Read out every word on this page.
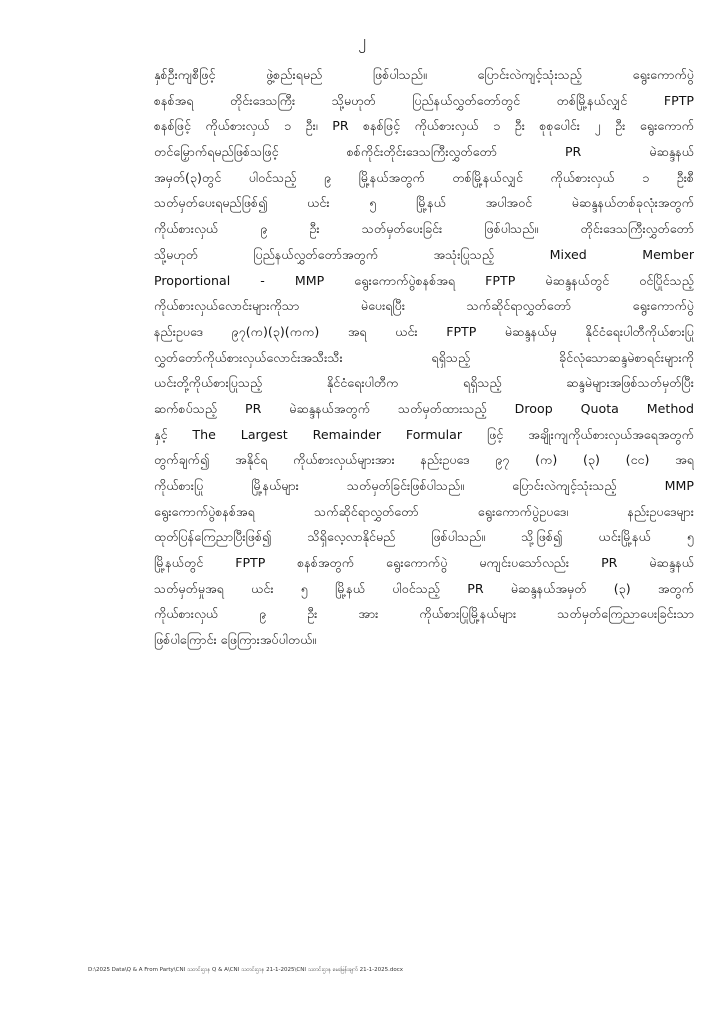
၂
နှစ်ဦးကျစီဖြင့် ဖွဲ့စည်းရမည် ဖြစ်ပါသည်။ ပြောင်းလဲကျင့်သုံးသည့် ရွေးကောက်ပွဲ
စနစ်အရ တိုင်းဒေသကြီး သို့မဟုတ် ပြည်နယ်လွှတ်တော်တွင် တစ်မြို့နယ်လျှင် FPTP
စနစ်ဖြင့် ကိုယ်စားလှယ် ၁ ဦး၊ PR စနစ်ဖြင့် ကိုယ်စားလှယ် ၁ ဦး စုစုပေါင်း ၂ ဦး ရွေးကောက်
တင်မြှောက်ရမည်ဖြစ်သဖြင့် စစ်ကိုင်းတိုင်းဒေသကြီးလွှတ်တော် PR မဲဆန္ဒနယ်
အမှတ်(၃)တွင် ပါဝင်သည့် ၉ မြို့နယ်အတွက် တစ်မြို့နယ်လျှင် ကိုယ်စားလှယ် ၁ ဦးစီ
သတ်မှတ်ပေးရမည်ဖြစ်၍ ယင်း ၅ မြို့နယ် အပါအဝင် မဲဆန္ဒနယ်တစ်ခုလုံးအတွက်
ကိုယ်စားလှယ် ၉ ဦး သတ်မှတ်ပေးခြင်း ဖြစ်ပါသည်။ တိုင်းဒေသကြီးလွှတ်တော်
သို့မဟုတ် ပြည်နယ်လွှတ်တော်အတွက် အသုံးပြုသည့် Mixed Member
Proportional - MMP ရွေးကောက်ပွဲစနစ်အရ FPTP မဲဆန္ဒနယ်တွင် ဝင်ပြိုင်သည့်
ကိုယ်စားလှယ်လောင်းများကိုသာ မဲပေးရပြီး သက်ဆိုင်ရာလွှတ်တော် ရွေးကောက်ပွဲ
နည်းဥပဒေ ၉၇(က)(၃)(ကက) အရ ယင်း FPTP မဲဆန္ဒနယ်မှ နိုင်ငံရေးပါတီကိုယ်စားပြု
လွှတ်တော်ကိုယ်စားလှယ်လောင်းအသီးသီး ရရှိသည့် ခိုင်လုံသောဆန္ဒမဲစာရင်းများကို
ယင်းတို့ကိုယ်စားပြုသည့် နိုင်ငံရေးပါတီက ရရှိသည့် ဆန္ဒမဲများအဖြစ်သတ်မှတ်ပြီး
ဆက်စပ်သည့် PR မဲဆန္ဒနယ်အတွက် သတ်မှတ်ထားသည့် Droop Quota Method
နှင့် The Largest Remainder Formular ဖြင့် အချိုးကျကိုယ်စားလှယ်အရေအတွက်
တွက်ချက်၍ အနိုင်ရ ကိုယ်စားလှယ်များအား နည်းဥပဒေ ၉၇ (က) (၃) (ငင) အရ
ကိုယ်စားပြု မြို့နယ်များ သတ်မှတ်ခြင်းဖြစ်ပါသည်။ ပြောင်းလဲကျင့်သုံးသည့် MMP
ရွေးကောက်ပွဲစနစ်အရ သက်ဆိုင်ရာလွှတ်တော် ရွေးကောက်ပွဲဥပဒေ၊ နည်းဥပဒေများ
ထုတ်ပြန်ကြေညာပြီးဖြစ်၍ သိရှိလေ့လာနိုင်မည် ဖြစ်ပါသည်။ သို့ဖြစ်၍ ယင်းမြို့နယ် ၅
မြို့နယ်တွင် FPTP စနစ်အတွက် ရွေးကောက်ပွဲ မကျင်းပသော်လည်း PR မဲဆန္ဒနယ်
သတ်မှတ်မှုအရ ယင်း ၅ မြို့နယ် ပါဝင်သည့် PR မဲဆန္ဒနယ်အမှတ် (၃) အတွက်
ကိုယ်စားလှယ် ၉ ဦး အား ကိုယ်စားပြုမြို့နယ်များ သတ်မှတ်ကြေညာပေးခြင်းသာ
ဖြစ်ပါကြောင်း ဖြေကြားအပ်ပါတယ်။
D:\2025 Data\Q & A From Party\CNI သတင်းဌာန Q & A\CNI သတင်းဌာန 21-1-2025\CNI သတင်းဌာန မေးမြန်းချက် 21-1-2025.docx
